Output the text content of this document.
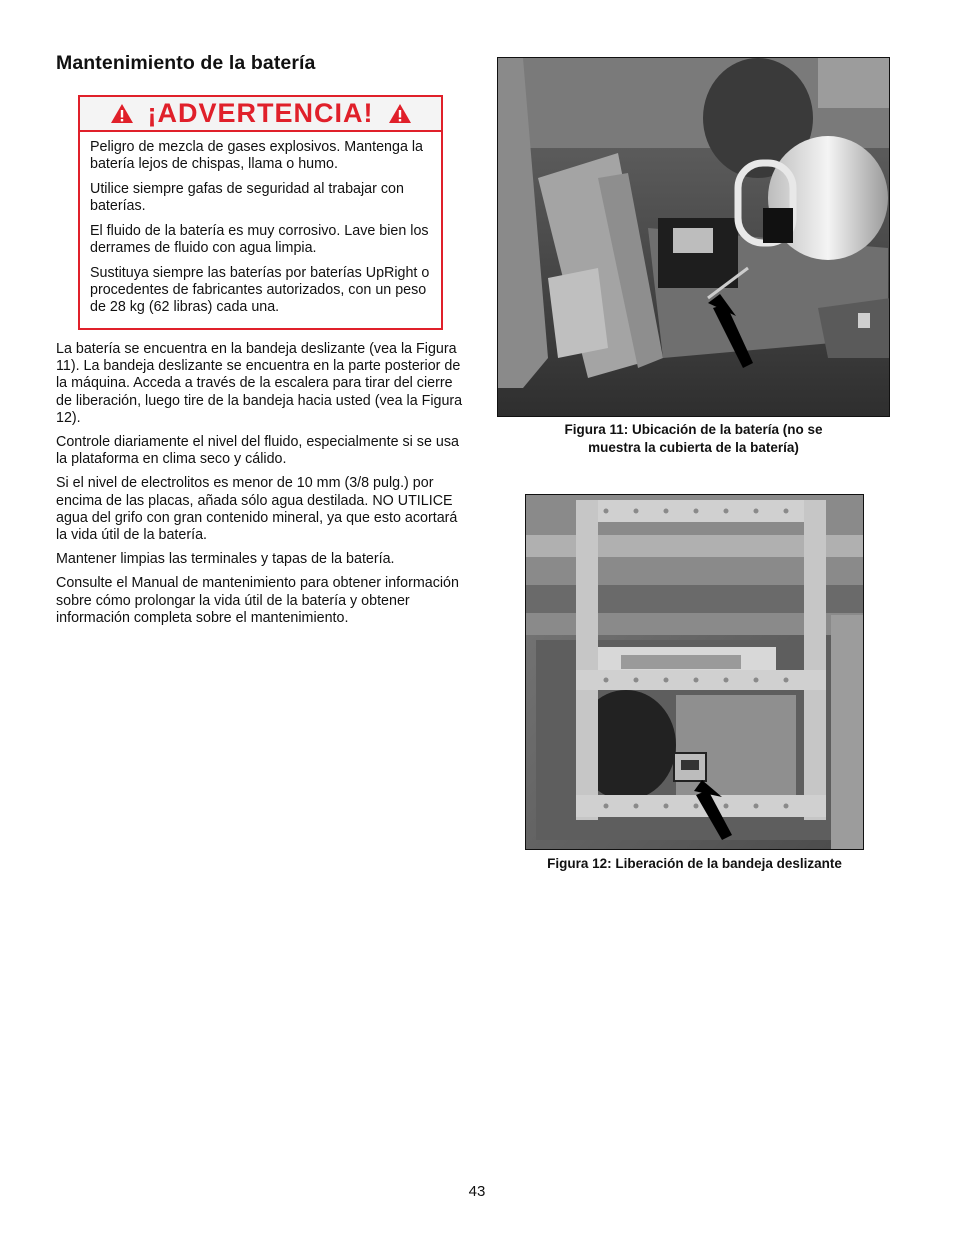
Mantenimiento de la batería
¡ADVERTENCIA!

Peligro de mezcla de gases explosivos. Mantenga la batería lejos de chispas, llama o humo.

Utilice siempre gafas de seguridad al trabajar con baterías.

El fluido de la batería es muy corrosivo. Lave bien los derrames de fluido con agua limpia.

Sustituya siempre las baterías por baterías UpRight o procedentes de fabricantes autorizados, con un peso de 28 kg (62 libras) cada una.

La batería se encuentra en la bandeja deslizante (vea la Figura 11). La bandeja deslizante se encuentra en la parte posterior de la máquina. Acceda a través de la escalera para tirar del cierre de liberación, luego tire de la bandeja hacia usted (vea la Figura 12).

Controle diariamente el nivel del fluido, especialmente si se usa la plataforma en clima seco y cálido.

Si el nivel de electrolitos es menor de 10 mm (3/8 pulg.) por encima de las placas, añada sólo agua destilada. NO UTILICE agua del grifo con gran contenido mineral, ya que esto acortará la vida útil de la batería.

Mantener limpias las terminales y tapas de la batería.

Consulte el Manual de mantenimiento para obtener información sobre cómo prolongar la vida útil de la batería y obtener información completa sobre el mantenimiento.

Figura 11: Ubicación de la batería (no se
muestra la cubierta de la batería)
Figura 12: Liberación de la bandeja deslizante
43
